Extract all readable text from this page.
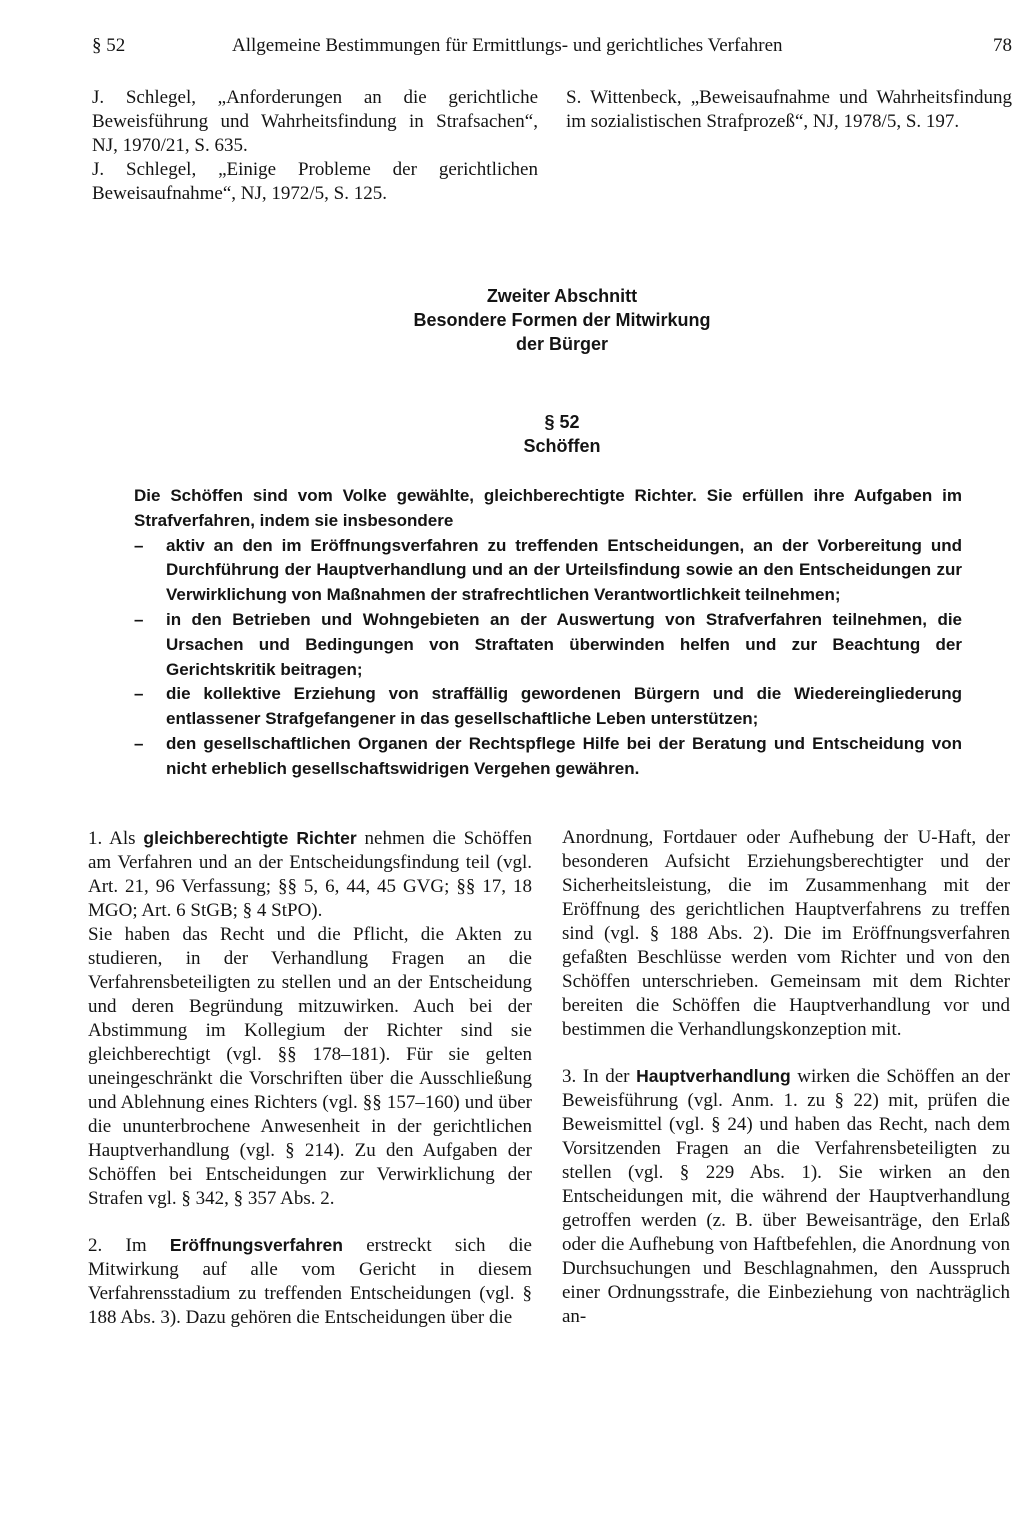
§ 52	Allgemeine Bestimmungen für Ermittlungs- und gerichtliches Verfahren	78

J. Schlegel, „Anforderungen an die gerichtliche Beweisführung und Wahrheitsfindung in Strafsachen“, NJ, 1970/21, S. 635.

J. Schlegel, „Einige Probleme der gerichtlichen Beweisaufnahme“, NJ, 1972/5, S. 125.

S. Wittenbeck, „Beweisaufnahme und Wahrheitsfindung im sozialistischen Strafprozeß“, NJ, 1978/5, S. 197.

Zweiter Abschnitt
Besondere Formen der Mitwirkung
der Bürger
§ 52
Schöffen

Die Schöffen sind vom Volke gewählte, gleichberechtigte Richter. Sie erfüllen ihre Aufgaben im Strafverfahren, indem sie insbesondere

– aktiv an den im Eröffnungsverfahren zu treffenden Entscheidungen, an der Vorbereitung und Durchführung der Hauptverhandlung und an der Urteilsfindung sowie an den Entscheidungen zur Verwirklichung von Maßnahmen der strafrechtlichen Verantwortlichkeit teilnehmen;
– in den Betrieben und Wohngebieten an der Auswertung von Strafverfahren teilnehmen, die Ursachen und Bedingungen von Straftaten überwinden helfen und zur Beachtung der Gerichtskritik beitragen;
– die kollektive Erziehung von straffällig gewordenen Bürgern und die Wiedereingliederung entlassener Strafgefangener in das gesellschaftliche Leben unterstützen;
– den gesellschaftlichen Organen der Rechtspflege Hilfe bei der Beratung und Entscheidung von nicht erheblich gesellschaftswidrigen Vergehen gewähren.

1. Als gleichberechtigte Richter nehmen die Schöffen am Verfahren und an der Entscheidungsfindung teil (vgl. Art. 21, 96 Verfassung; §§ 5, 6, 44, 45 GVG; §§ 17, 18 MGO; Art. 6 StGB; § 4 StPO).

Sie haben das Recht und die Pflicht, die Akten zu studieren, in der Verhandlung Fragen an die Verfahrensbeteiligten zu stellen und an der Entscheidung und deren Begründung mitzuwirken. Auch bei der Abstimmung im Kollegium der Richter sind sie gleichberechtigt (vgl. §§ 178–181). Für sie gelten uneingeschränkt die Vorschriften über die Ausschließung und Ablehnung eines Richters (vgl. §§ 157–160) und über die ununterbrochene Anwesenheit in der gerichtlichen Hauptverhandlung (vgl. § 214). Zu den Aufgaben der Schöffen bei Entscheidungen zur Verwirklichung der Strafen vgl. § 342, § 357 Abs. 2.

2. Im Eröffnungsverfahren erstreckt sich die Mitwirkung auf alle vom Gericht in diesem Verfahrensstadium zu treffenden Entscheidungen (vgl. § 188 Abs. 3). Dazu gehören die Entscheidungen über die

Anordnung, Fortdauer oder Aufhebung der U-Haft, der besonderen Aufsicht Erziehungsberechtigter und der Sicherheitsleistung, die im Zusammenhang mit der Eröffnung des gerichtlichen Hauptverfahrens zu treffen sind (vgl. § 188 Abs. 2). Die im Eröffnungsverfahren gefaßten Beschlüsse werden vom Richter und von den Schöffen unterschrieben. Gemeinsam mit dem Richter bereiten die Schöffen die Hauptverhandlung vor und bestimmen die Verhandlungskonzeption mit.

3. In der Hauptverhandlung wirken die Schöffen an der Beweisführung (vgl. Anm. 1. zu § 22) mit, prüfen die Beweismittel (vgl. § 24) und haben das Recht, nach dem Vorsitzenden Fragen an die Verfahrensbeteiligten zu stellen (vgl. § 229 Abs. 1). Sie wirken an den Entscheidungen mit, die während der Hauptverhandlung getroffen werden (z. B. über Beweisanträge, den Erlaß oder die Aufhebung von Haftbefehlen, die Anordnung von Durchsuchungen und Beschlagnahmen, den Ausspruch einer Ordnungsstrafe, die Einbeziehung von nachträglich an-
